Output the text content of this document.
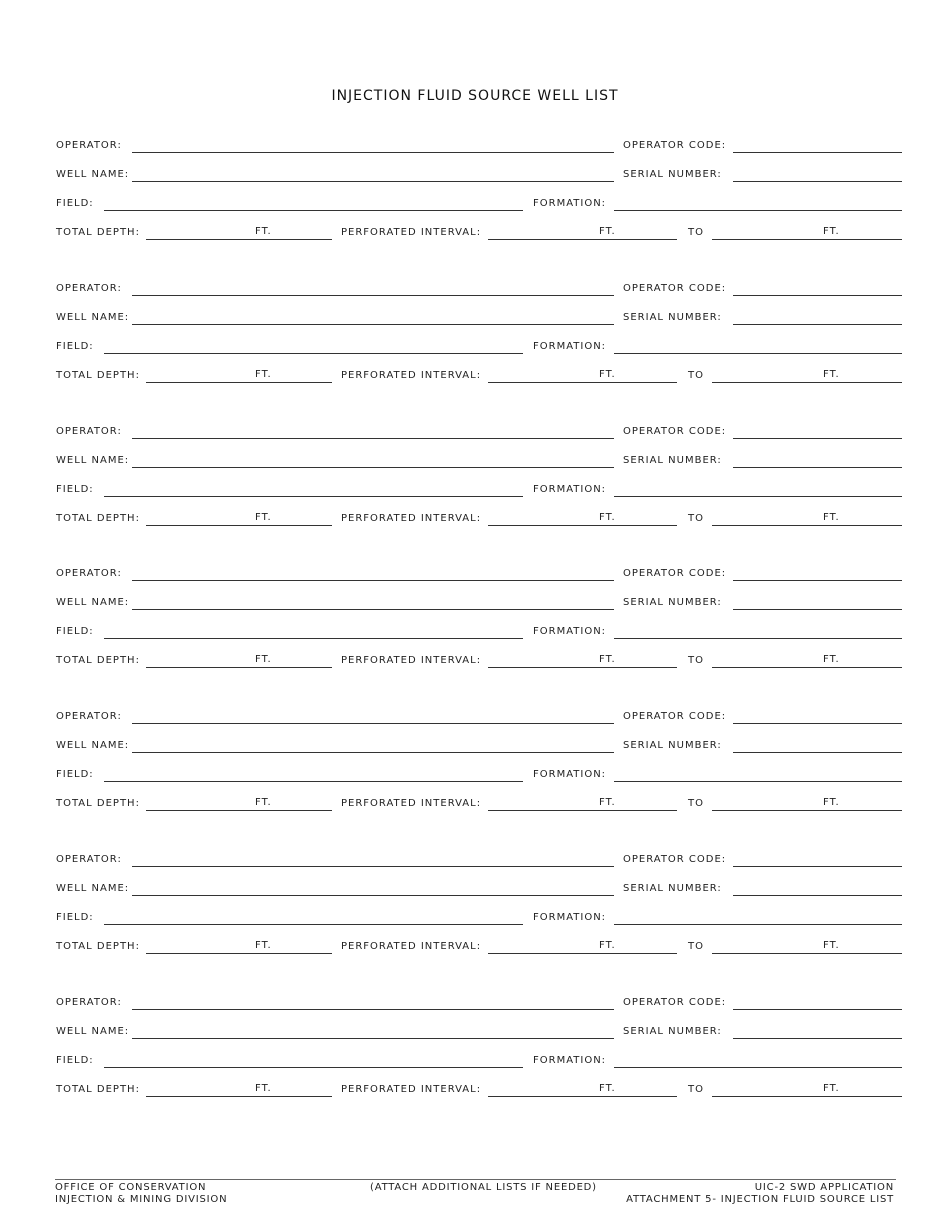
INJECTION FLUID SOURCE WELL LIST
OPERATOR:	OPERATOR CODE:
WELL NAME:	SERIAL NUMBER:
FIELD:	FORMATION:
TOTAL DEPTH:	FT.	PERFORATED INTERVAL:	FT.	TO	FT.
OPERATOR:	OPERATOR CODE:
WELL NAME:	SERIAL NUMBER:
FIELD:	FORMATION:
TOTAL DEPTH:	FT.	PERFORATED INTERVAL:	FT.	TO	FT.
OPERATOR:	OPERATOR CODE:
WELL NAME:	SERIAL NUMBER:
FIELD:	FORMATION:
TOTAL DEPTH:	FT.	PERFORATED INTERVAL:	FT.	TO	FT.
OPERATOR:	OPERATOR CODE:
WELL NAME:	SERIAL NUMBER:
FIELD:	FORMATION:
TOTAL DEPTH:	FT.	PERFORATED INTERVAL:	FT.	TO	FT.
OPERATOR:	OPERATOR CODE:
WELL NAME:	SERIAL NUMBER:
FIELD:	FORMATION:
TOTAL DEPTH:	FT.	PERFORATED INTERVAL:	FT.	TO	FT.
OPERATOR:	OPERATOR CODE:
WELL NAME:	SERIAL NUMBER:
FIELD:	FORMATION:
TOTAL DEPTH:	FT.	PERFORATED INTERVAL:	FT.	TO	FT.
OPERATOR:	OPERATOR CODE:
WELL NAME:	SERIAL NUMBER:
FIELD:	FORMATION:
TOTAL DEPTH:	FT.	PERFORATED INTERVAL:	FT.	TO	FT.
OFFICE OF CONSERVATION
INJECTION & MINING DIVISION
(ATTACH ADDITIONAL LISTS IF NEEDED)	UIC-2 SWD APPLICATION
ATTACHMENT 5- INJECTION FLUID SOURCE LIST
